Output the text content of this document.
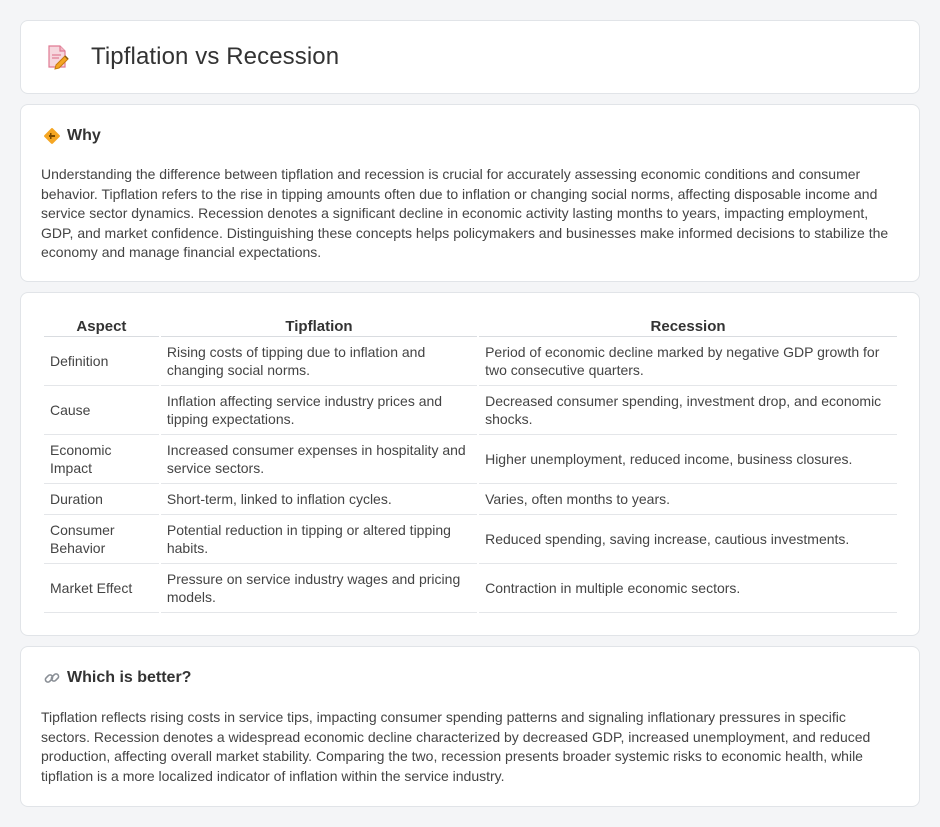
Tipflation vs Recession
Why

Understanding the difference between tipflation and recession is crucial for accurately assessing economic conditions and consumer behavior. Tipflation refers to the rise in tipping amounts often due to inflation or changing social norms, affecting disposable income and service sector dynamics. Recession denotes a significant decline in economic activity lasting months to years, impacting employment, GDP, and market confidence. Distinguishing these concepts helps policymakers and businesses make informed decisions to stabilize the economy and manage financial expectations.

Aspect	Tipflation	Recession
Definition	Rising costs of tipping due to inflation and changing social norms.	Period of economic decline marked by negative GDP growth for two consecutive quarters.
Cause	Inflation affecting service industry prices and tipping expectations.	Decreased consumer spending, investment drop, and economic shocks.
Economic Impact	Increased consumer expenses in hospitality and service sectors.	Higher unemployment, reduced income, business closures.
Duration	Short-term, linked to inflation cycles.	Varies, often months to years.
Consumer Behavior	Potential reduction in tipping or altered tipping habits.	Reduced spending, saving increase, cautious investments.
Market Effect	Pressure on service industry wages and pricing models.	Contraction in multiple economic sectors.
Which is better?

Tipflation reflects rising costs in service tips, impacting consumer spending patterns and signaling inflationary pressures in specific sectors. Recession denotes a widespread economic decline characterized by decreased GDP, increased unemployment, and reduced production, affecting overall market stability. Comparing the two, recession presents broader systemic risks to economic health, while tipflation is a more localized indicator of inflation within the service industry.
